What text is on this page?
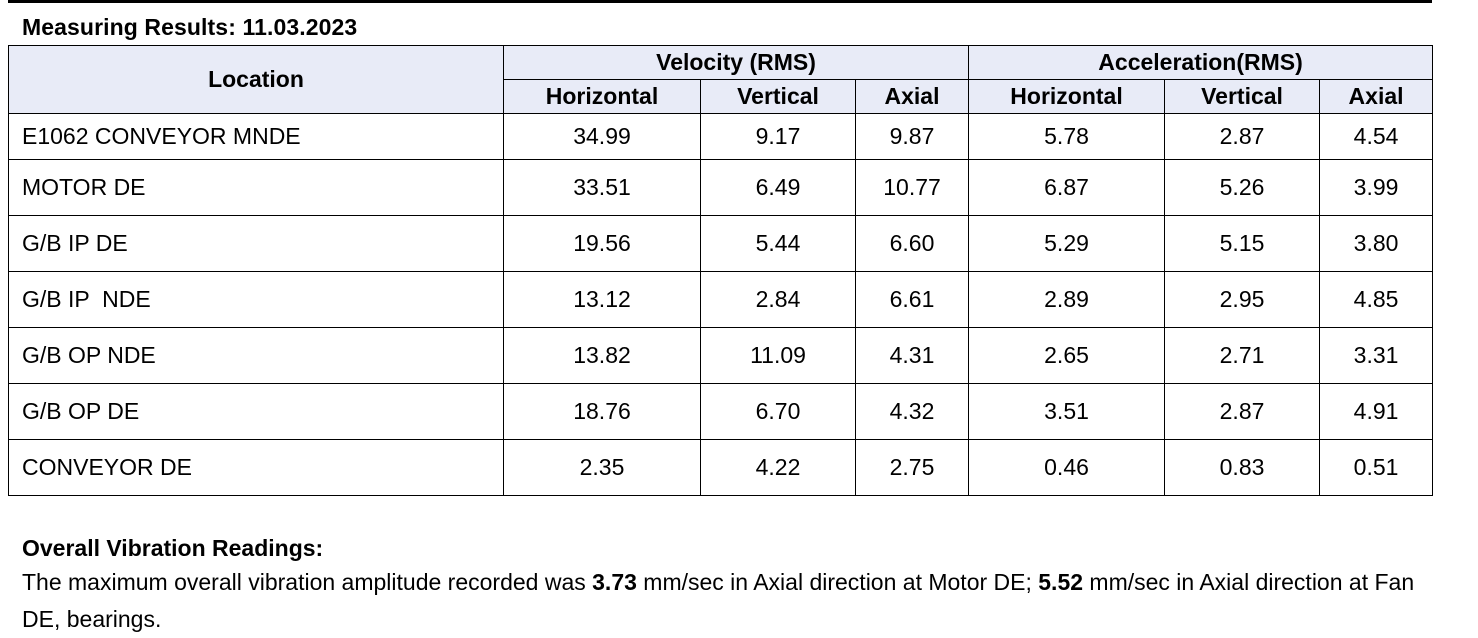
Measuring Results: 11.03.2023
Location	Velocity (RMS)			Acceleration(RMS)		
	Horizontal	Vertical	Axial	Horizontal	Vertical	Axial
E1062 CONVEYOR MNDE	34.99	9.17	9.87	5.78	2.87	4.54
MOTOR DE	33.51	6.49	10.77	6.87	5.26	3.99
G/B IP DE	19.56	5.44	6.60	5.29	5.15	3.80
G/B IP  NDE	13.12	2.84	6.61	2.89	2.95	4.85
G/B OP NDE	13.82	11.09	4.31	2.65	2.71	3.31
G/B OP DE	18.76	6.70	4.32	3.51	2.87	4.91
CONVEYOR DE	2.35	4.22	2.75	0.46	0.83	0.51
Overall Vibration Readings:
The maximum overall vibration amplitude recorded was 3.73 mm/sec in Axial direction at Motor DE; 5.52 mm/sec in Axial direction at Fan DE, bearings.
